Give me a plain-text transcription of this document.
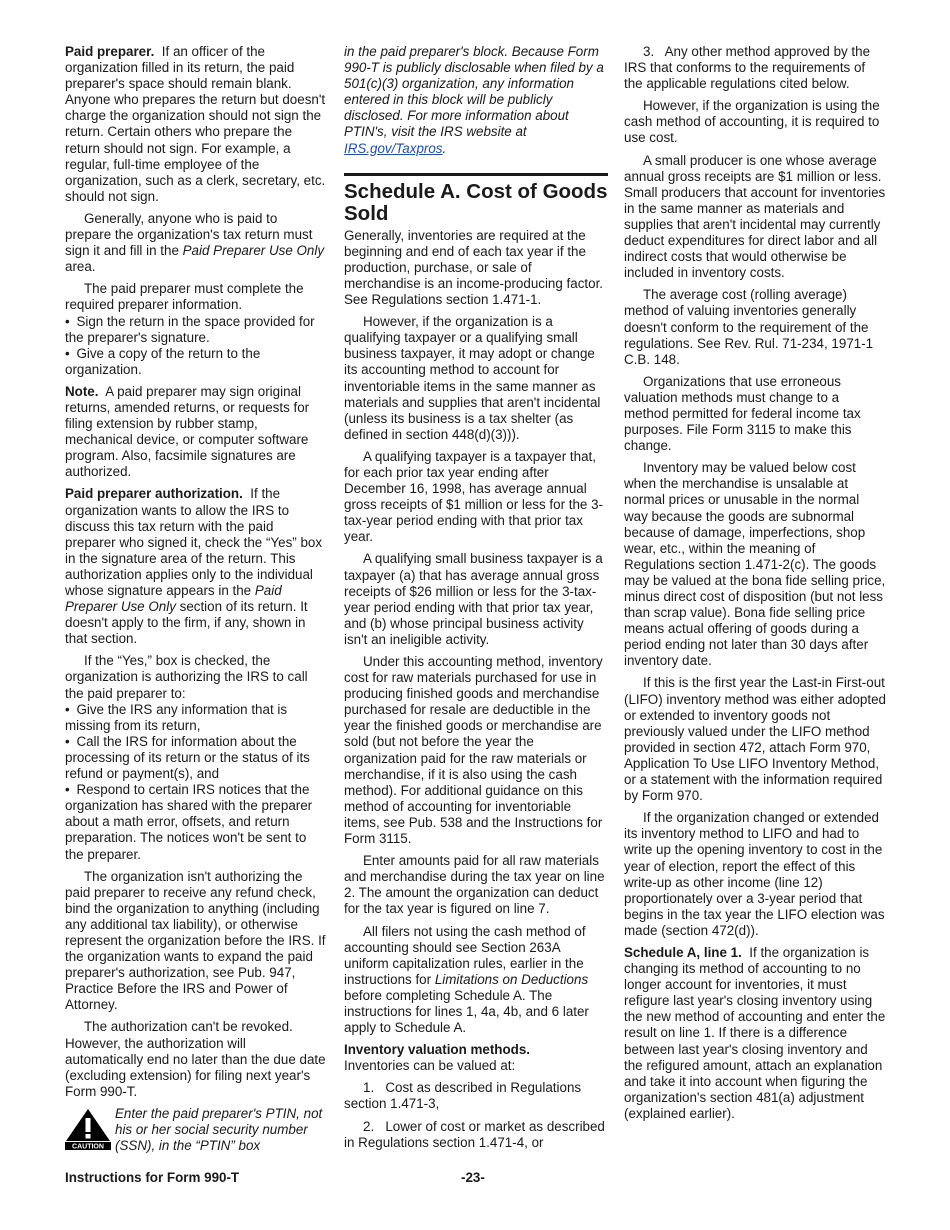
Paid preparer. If an officer of the organization filled in its return, the paid preparer's space should remain blank. Anyone who prepares the return but doesn't charge the organization should not sign the return. Certain others who prepare the return should not sign. For example, a regular, full-time employee of the organization, such as a clerk, secretary, etc. should not sign.

Generally, anyone who is paid to prepare the organization's tax return must sign it and fill in the Paid Preparer Use Only area.

The paid preparer must complete the required preparer information.

• Sign the return in the space provided for the preparer's signature.
• Give a copy of the return to the organization.

Note. A paid preparer may sign original returns, amended returns, or requests for filing extension by rubber stamp, mechanical device, or computer software program. Also, facsimile signatures are authorized.

Paid preparer authorization. If the organization wants to allow the IRS to discuss this tax return with the paid preparer who signed it, check the “Yes” box in the signature area of the return. This authorization applies only to the individual whose signature appears in the Paid Preparer Use Only section of its return. It doesn't apply to the firm, if any, shown in that section.

If the “Yes,” box is checked, the organization is authorizing the IRS to call the paid preparer to:

• Give the IRS any information that is missing from its return,
• Call the IRS for information about the processing of its return or the status of its refund or payment(s), and
• Respond to certain IRS notices that the organization has shared with the preparer about a math error, offsets, and return preparation. The notices won't be sent to the preparer.

The organization isn't authorizing the paid preparer to receive any refund check, bind the organization to anything (including any additional tax liability), or otherwise represent the organization before the IRS. If the organization wants to expand the paid preparer's authorization, see Pub. 947, Practice Before the IRS and Power of Attorney.

The authorization can't be revoked. However, the authorization will automatically end no later than the due date (excluding extension) for filing next year's Form 990-T.

CAUTION
Enter the paid preparer's PTIN, not his or her social security number (SSN), in the “PTIN” box

in the paid preparer's block. Because Form 990-T is publicly disclosable when filed by a 501(c)(3) organization, any information entered in this block will be publicly disclosed. For more information about PTIN's, visit the IRS website at IRS.gov/Taxpros.

Schedule A. Cost of Goods Sold

Generally, inventories are required at the beginning and end of each tax year if the production, purchase, or sale of merchandise is an income-producing factor. See Regulations section 1.471-1.

However, if the organization is a qualifying taxpayer or a qualifying small business taxpayer, it may adopt or change its accounting method to account for inventoriable items in the same manner as materials and supplies that aren't incidental (unless its business is a tax shelter (as defined in section 448(d)(3))).

A qualifying taxpayer is a taxpayer that, for each prior tax year ending after December 16, 1998, has average annual gross receipts of $1 million or less for the 3-tax-year period ending with that prior tax year.

A qualifying small business taxpayer is a taxpayer (a) that has average annual gross receipts of $26 million or less for the 3-tax-year period ending with that prior tax year, and (b) whose principal business activity isn't an ineligible activity.

Under this accounting method, inventory cost for raw materials purchased for use in producing finished goods and merchandise purchased for resale are deductible in the year the finished goods or merchandise are sold (but not before the year the organization paid for the raw materials or merchandise, if it is also using the cash method). For additional guidance on this method of accounting for inventoriable items, see Pub. 538 and the Instructions for Form 3115.

Enter amounts paid for all raw materials and merchandise during the tax year on line 2. The amount the organization can deduct for the tax year is figured on line 7.

All filers not using the cash method of accounting should see Section 263A uniform capitalization rules, earlier in the instructions for Limitations on Deductions before completing Schedule A. The instructions for lines 1, 4a, 4b, and 6 later apply to Schedule A.

Inventory valuation methods.

Inventories can be valued at:

1.   Cost as described in Regulations section 1.471-3,

2.   Lower of cost or market as described in Regulations section 1.471-4, or

3.   Any other method approved by the IRS that conforms to the requirements of the applicable regulations cited below.

However, if the organization is using the cash method of accounting, it is required to use cost.

A small producer is one whose average annual gross receipts are $1 million or less. Small producers that account for inventories in the same manner as materials and supplies that aren't incidental may currently deduct expenditures for direct labor and all indirect costs that would otherwise be included in inventory costs.

The average cost (rolling average) method of valuing inventories generally doesn't conform to the requirement of the regulations. See Rev. Rul. 71-234, 1971-1 C.B. 148.

Organizations that use erroneous valuation methods must change to a method permitted for federal income tax purposes. File Form 3115 to make this change.

Inventory may be valued below cost when the merchandise is unsalable at normal prices or unusable in the normal way because the goods are subnormal because of damage, imperfections, shop wear, etc., within the meaning of Regulations section 1.471-2(c). The goods may be valued at the bona fide selling price, minus direct cost of disposition (but not less than scrap value). Bona fide selling price means actual offering of goods during a period ending not later than 30 days after inventory date.

If this is the first year the Last-in First-out (LIFO) inventory method was either adopted or extended to inventory goods not previously valued under the LIFO method provided in section 472, attach Form 970, Application To Use LIFO Inventory Method, or a statement with the information required by Form 970.

If the organization changed or extended its inventory method to LIFO and had to write up the opening inventory to cost in the year of election, report the effect of this write-up as other income (line 12) proportionately over a 3-year period that begins in the tax year the LIFO election was made (section 472(d)).

Schedule A, line 1. If the organization is changing its method of accounting to no longer account for inventories, it must refigure last year's closing inventory using the new method of accounting and enter the result on line 1. If there is a difference between last year's closing inventory and the refigured amount, attach an explanation and take it into account when figuring the organization's section 481(a) adjustment (explained earlier).

Instructions for Form 990-T	-23-
